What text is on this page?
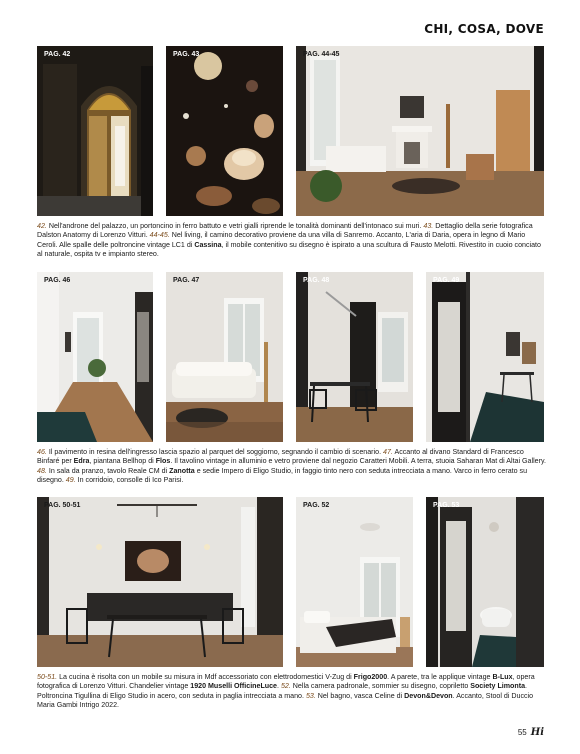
CHI, COSA, DOVE
PAG. 42	PAG. 43	PAG. 44-45
42. Nell'androne del palazzo, un portoncino in ferro battuto e vetri gialli riprende le tonalità dominanti dell'intonaco sui muri. 43. Dettaglio della serie fotografica Dalston Anatomy di Lorenzo Vitturi. 44-45. Nel living, il camino decorativo proviene da una villa di Sanremo. Accanto, L'aria di Daria, opera in legno di Mario Ceroli. Alle spalle delle poltroncine vintage LC1 di Cassina, il mobile contenitivo su disegno è ispirato a una scultura di Fausto Melotti. Rivestito in cuoio conciato al naturale, ospita tv e impianto stereo.
PAG. 46	PAG. 47	PAG. 48	PAG. 49
46. Il pavimento in resina dell'ingresso lascia spazio al parquet del soggiorno, segnando il cambio di scenario. 47. Accanto al divano Standard di Francesco Binfaré per Edra, piantana Bellhop di Flos. Il tavolino vintage in alluminio e vetro proviene dal negozio Caratteri Mobili. A terra, stuoia Saharan Mat di Altai Gallery. 48. In sala da pranzo, tavolo Reale CM di Zanotta e sedie Impero di Eligo Studio, in faggio tinto nero con seduta intrecciata a mano. Varco in ferro cerato su disegno. 49. In corridoio, consolle di Ico Parisi.
PAG. 50-51	PAG. 52	PAG. 53
50-51. La cucina è risolta con un mobile su misura in Mdf accessoriato con elettrodomestici V-Zug di Frigo2000. A parete, tra le applique vintage B-Lux, opera fotografica di Lorenzo Vitturi. Chandelier vintage 1920 Muselli OfficineLuce. 52. Nella camera padronale, sommier su disegno, copriletto Society Limonta. Poltroncina Tigullina di Eligo Studio in acero, con seduta in paglia intrecciata a mano. 53. Nel bagno, vasca Celine di Devon&Devon. Accanto, Stool di Duccio Maria Gambi Intrigo 2022.
55 Hi
